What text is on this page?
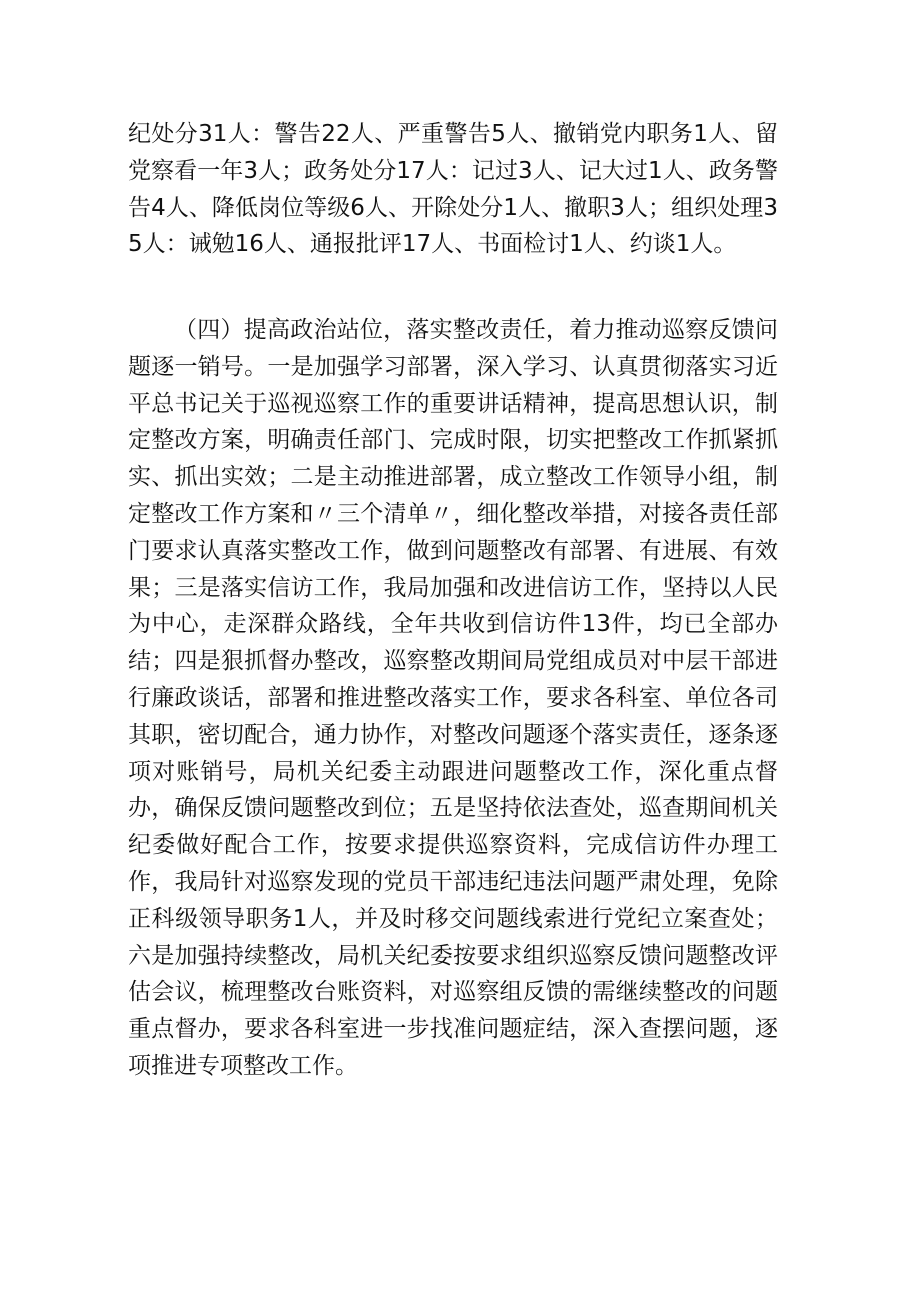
纪处分31人：警告22人、严重警告5人、撤销党内职务1人、留党察看一年3人；政务处分17人：记过3人、记大过1人、政务警告4人、降低岗位等级6人、开除处分1人、撤职3人；组织处理35人：诫勉16人、通报批评17人、书面检讨1人、约谈1人。

（四）提高政治站位，落实整改责任，着力推动巡察反馈问题逐一销号。一是加强学习部署，深入学习、认真贯彻落实习近平总书记关于巡视巡察工作的重要讲话精神，提高思想认识，制定整改方案，明确责任部门、完成时限，切实把整改工作抓紧抓实、抓出实效；二是主动推进部署，成立整改工作领导小组，制定整改工作方案和〃三个清单〃，细化整改举措，对接各责任部门要求认真落实整改工作，做到问题整改有部署、有进展、有效果；三是落实信访工作，我局加强和改进信访工作，坚持以人民为中心，走深群众路线，全年共收到信访件13件，均已全部办结；四是狠抓督办整改，巡察整改期间局党组成员对中层干部进行廉政谈话，部署和推进整改落实工作，要求各科室、单位各司其职，密切配合，通力协作，对整改问题逐个落实责任，逐条逐项对账销号，局机关纪委主动跟进问题整改工作，深化重点督办，确保反馈问题整改到位；五是坚持依法查处，巡查期间机关纪委做好配合工作，按要求提供巡察资料，完成信访件办理工作，我局针对巡察发现的党员干部违纪违法问题严肃处理，免除正科级领导职务1人，并及时移交问题线索进行党纪立案查处；六是加强持续整改，局机关纪委按要求组织巡察反馈问题整改评估会议，梳理整改台账资料，对巡察组反馈的需继续整改的问题重点督办，要求各科室进一步找准问题症结，深入查摆问题，逐项推进专项整改工作。
